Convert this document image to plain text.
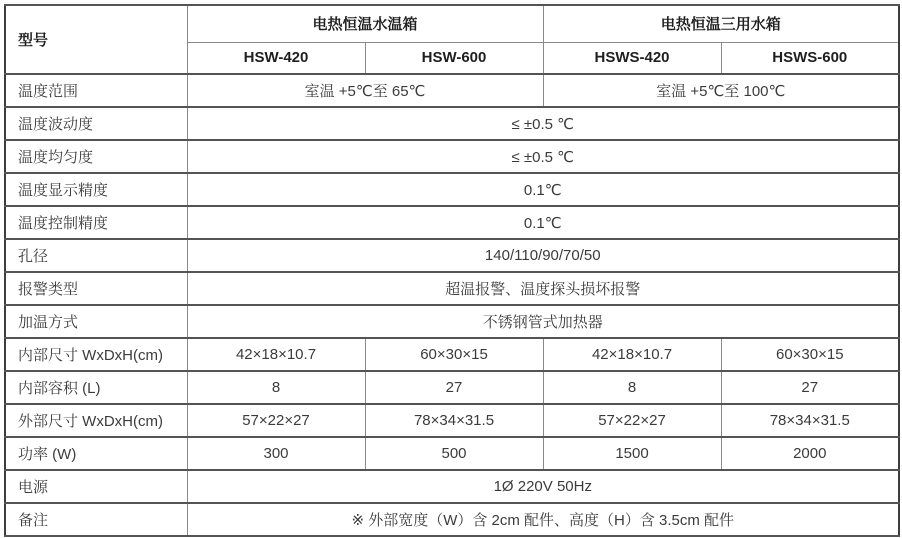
型号	电热恒温水温箱		电热恒温三用水箱	
	HSW-420	HSW-600	HSWS-420	HSWS-600
温度范围	室温 +5℃至 65℃		室温 +5℃至 100℃	
温度波动度	≤ ±0.5 ℃			
温度均匀度	≤ ±0.5 ℃			
温度显示精度	0.1℃			
温度控制精度	0.1℃			
孔径	140/110/90/70/50			
报警类型	超温报警、温度探头损坏报警			
加温方式	不锈钢管式加热器			
内部尺寸 WxDxH(cm)	42×18×10.7	60×30×15	42×18×10.7	60×30×15
内部容积 (L)	8	27	8	27
外部尺寸 WxDxH(cm)	57×22×27	78×34×31.5	57×22×27	78×34×31.5
功率 (W)	300	500	1500	2000
电源	1Ø 220V 50Hz			
备注	※ 外部宽度（W）含 2cm 配件、高度（H）含 3.5cm 配件			
